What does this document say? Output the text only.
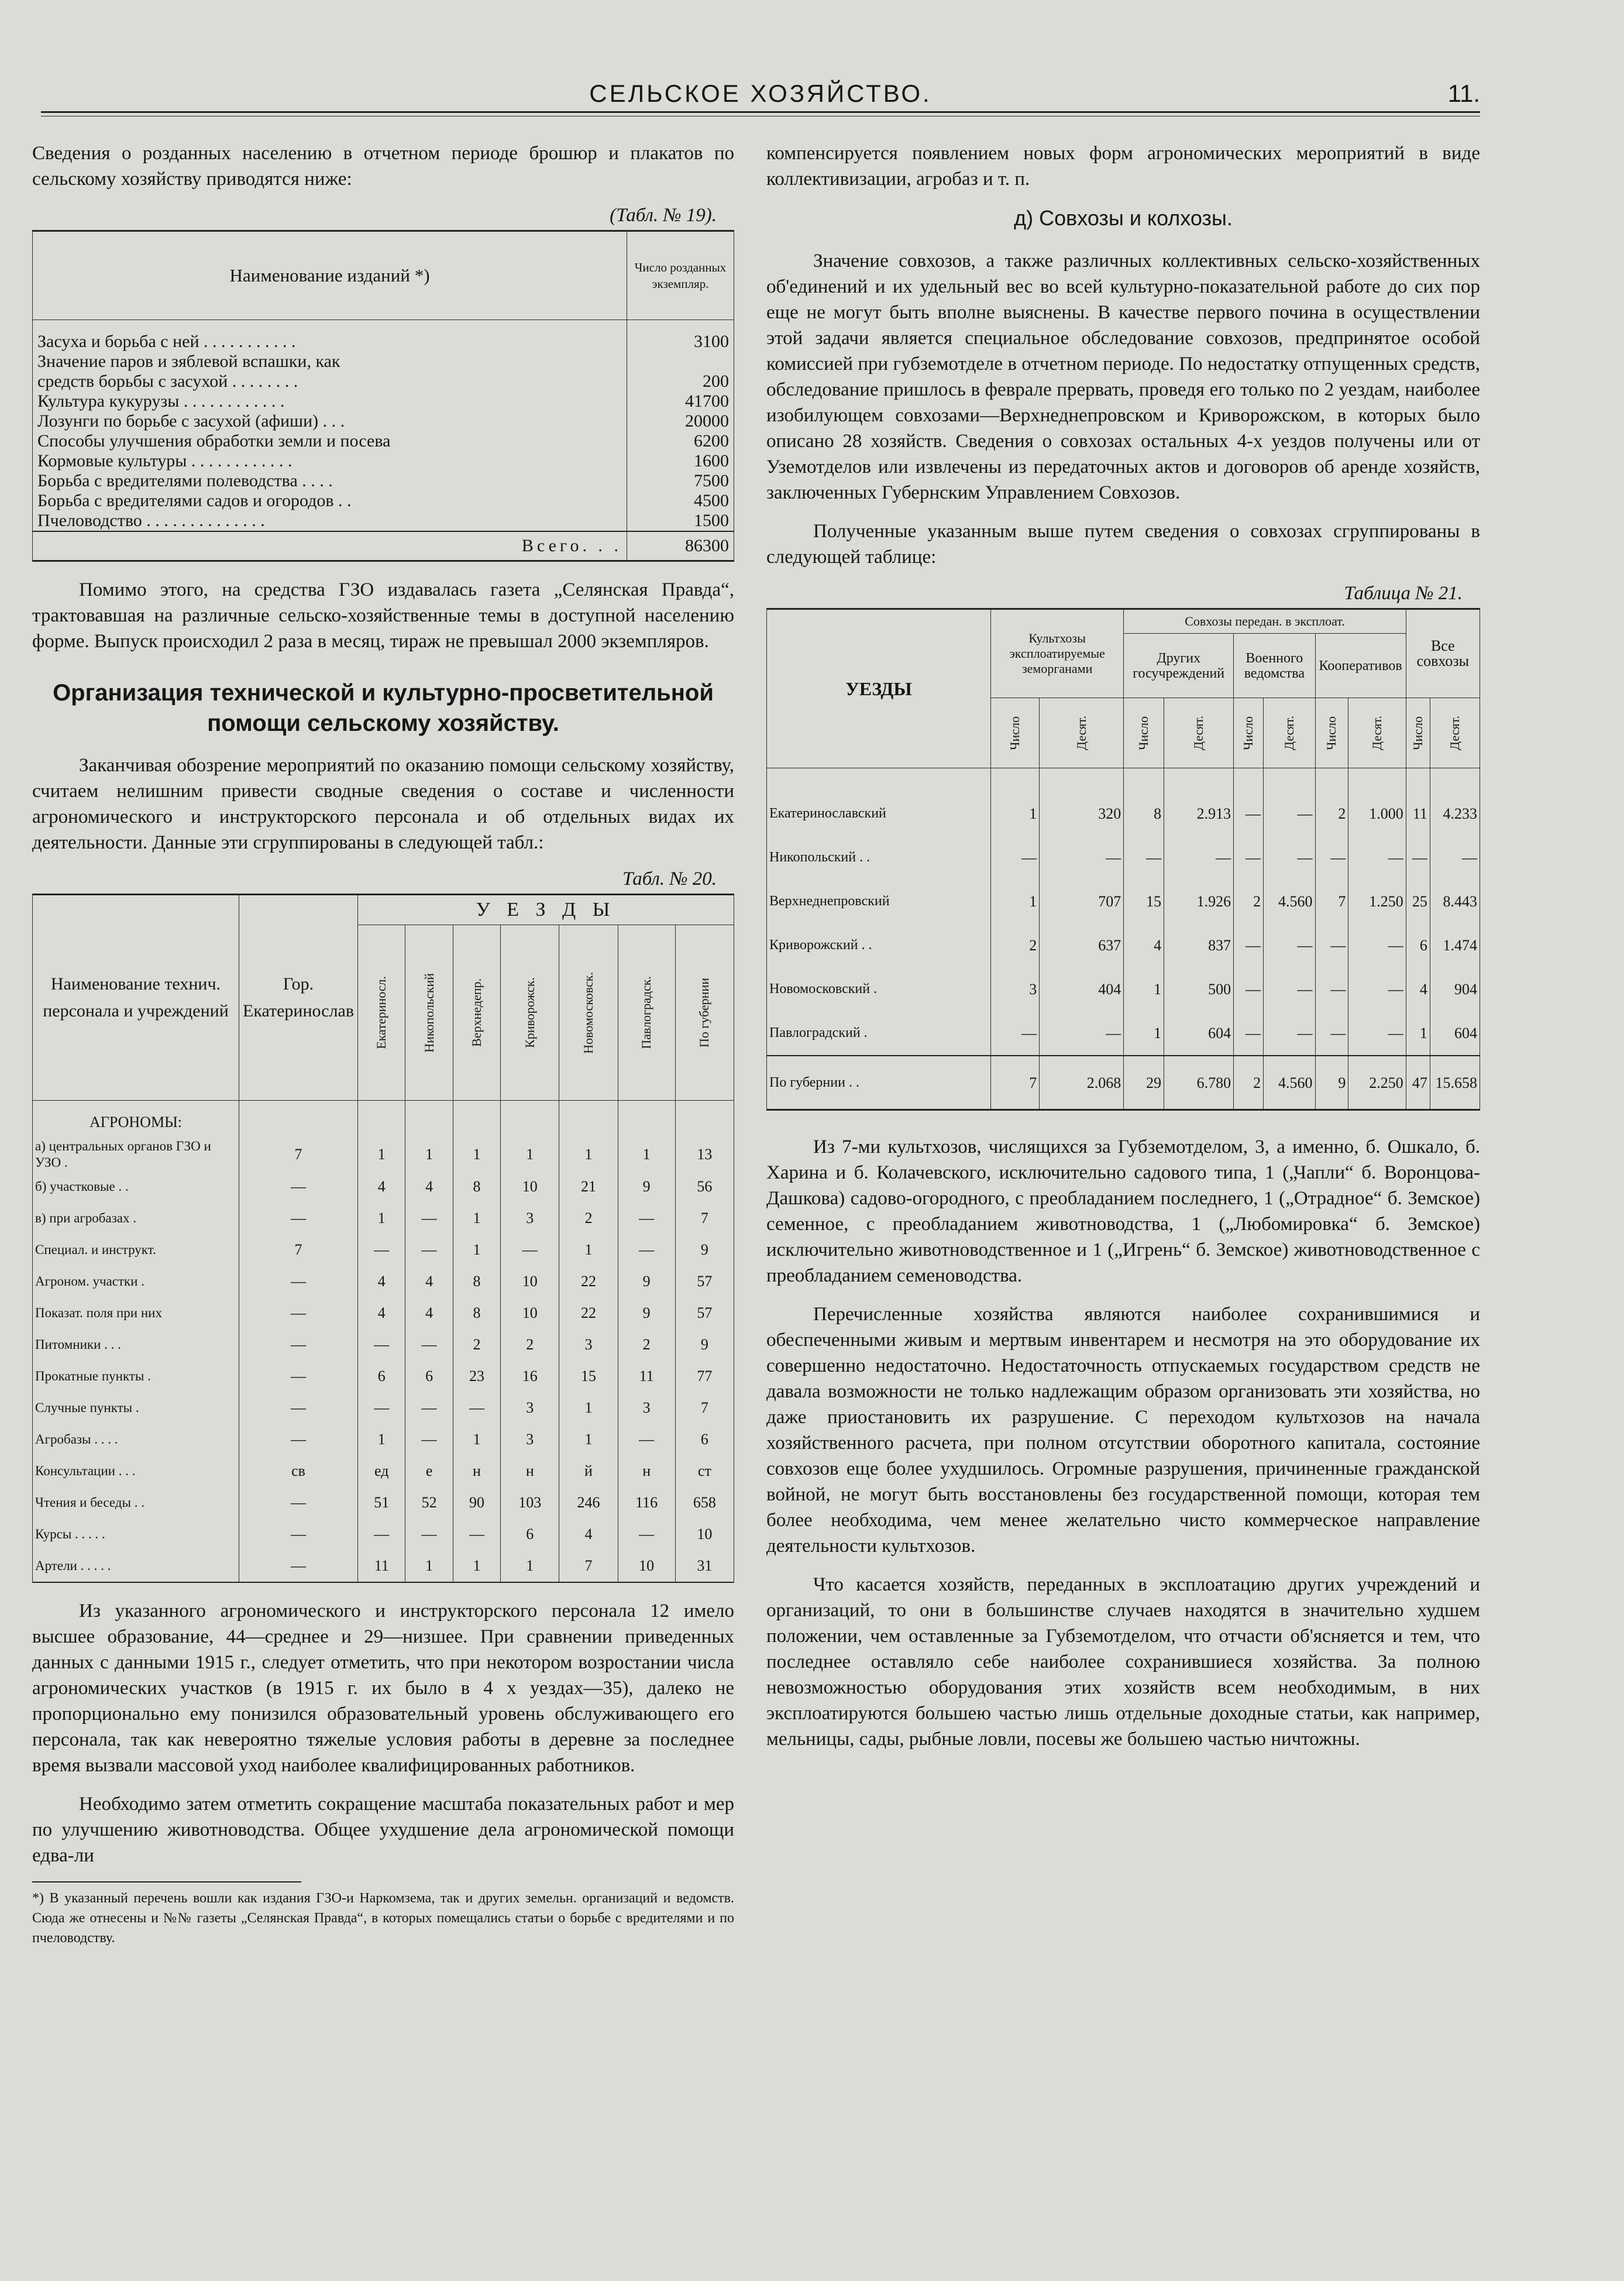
СЕЛЬСКОЕ ХОЗЯЙСТВО.	11.

Сведения о розданных населению в отчетном периоде брошюр и плакатов по сельскому хозяйству приводятся ниже:

(Табл. № 19).
Наименование изданий *)	Число розданных экземпляр.
Засуха и борьба с ней . . . . . . . . . . .	3100
Значение паров и зяблевой вспашки, как	
средств борьбы с засухой . . . . . . . .	200
Культура кукурузы . . . . . . . . . . . .	41700
Лозунги по борьбе с засухой (афиши) . . .	20000
Способы улучшения обработки земли и посева	6200
Кормовые культуры . . . . . . . . . . . .	1600
Борьба с вредителями полеводства . . . .	7500
Борьба с вредителями садов и огородов . .	4500
Пчеловодство . . . . . . . . . . . . . .	1500
Всего. . .	86300

Помимо этого, на средства ГЗО издавалась газета „Селянская Правда“, трактовавшая на различные сельско-хозяйственные темы в доступной населению форме. Выпуск происходил 2 раза в месяц, тираж не превышал 2000 экземпляров.

Организация технической и культурно-просветительной помощи сельскому хозяйству.

Заканчивая обозрение мероприятий по оказанию помощи сельскому хозяйству, считаем нелишним привести сводные сведения о составе и численности агрономического и инструкторского персонала и об отдельных видах их деятельности. Данные эти сгруппированы в следующей табл.:

Табл. № 20.
Наименование технич. персонала и учреждений	Гор. Екатеринослав	У Е З Д Ы						

		Екатериносл.	Никопольский	Верхнедепр.	Криворожск.	Новомосковск.	Павлоградск.	По губернии

АГРОНОМЫ:								
а) центральных органов ГЗО и УЗО .	7	1	1	1	1	1	1	13
б) участковые . .	—	4	4	8	10	21	9	56
в) при агробазах .	—	1	—	1	3	2	—	7
Специал. и инструкт.	7	—	—	1	—	1	—	9
Агроном. участки .	—	4	4	8	10	22	9	57
Показат. поля при них	—	4	4	8	10	22	9	57
Питомники . . .	—	—	—	2	2	3	2	9
Прокатные пункты .	—	6	6	23	16	15	11	77
Случные пункты .	—	—	—	—	3	1	3	7
Агробазы . . . .	—	1	—	1	3	1	—	6
Консультации . . .	св	ед	е	н	н	й	н	ст
Чтения и беседы . .	—	51	52	90	103	246	116	658
Курсы . . . . .	—	—	—	—	6	4	—	10
Артели . . . . .	—	11	1	1	1	7	10	31

Из указанного агрономического и инструкторского персонала 12 имело высшее образование, 44—среднее и 29—низшее. При сравнении приведенных данных с данными 1915 г., следует отметить, что при некотором возростании числа агрономических участков (в 1915 г. их было в 4 х уездах—35), далеко не пропорционально ему понизился образовательный уровень обслуживающего его персонала, так как невероятно тяжелые условия работы в деревне за последнее время вызвали массовой уход наиболее квалифицированных работников.

Необходимо затем отметить сокращение масштаба показательных работ и мер по улучшению животноводства. Общее ухудшение дела агрономической помощи едва-ли

*) В указанный перечень вошли как издания ГЗО-и Наркомзема, так и других земельн. организаций и ведомств. Сюда же отнесены и №№ газеты „Селянская Правда“, в которых помещались статьи о борьбе с вредителями и по пчеловодству.

компенсируется появлением новых форм агрономических мероприятий в виде коллективизации, агробаз и т. п.

д) Совхозы и колхозы.

Значение совхозов, а также различных коллективных сельско-хозяйственных об'единений и их удельный вес во всей культурно-показательной работе до сих пор еще не могут быть вполне выяснены. В качестве первого почина в осуществлении этой задачи является специальное обследование совхозов, предпринятое особой комиссией при губземотделе в отчетном периоде. По недостатку отпущенных средств, обследование пришлось в феврале прервать, проведя его только по 2 уездам, наиболее изобилующем совхозами—Верхнеднепровском и Криворожском, в которых было описано 28 хозяйств. Сведения о совхозах остальных 4-х уездов получены или от Уземотделов или извлечены из передаточных актов и договоров об аренде хозяйств, заключенных Губернским Управлением Совхозов.

Полученные указанным выше путем сведения о совхозах сгруппированы в следующей таблице:

Таблица № 21.
УЕЗДЫ	Культхозы эксплоатируемые земорганами		Совхозы передан. в эксплоат.						Все совхозы	
			Других госучреждений		Военного ведомства		Кооперативов			

	Число	Десят.	Число	Десят.	Число	Десят.	Число	Десят.	Число	Десят.

Екатеринославский	1	320	8	2.913	—	—	2	1.000	11	4.233
Никопольский . .	—	—	—	—	—	—	—	—	—	—
Верхнеднепровский	1	707	15	1.926	2	4.560	7	1.250	25	8.443
Криворожский . .	2	637	4	837	—	—	—	—	6	1.474
Новомосковский .	3	404	1	500	—	—	—	—	4	904
Павлоградский .	—	—	1	604	—	—	—	—	1	604
По губернии . .	7	2.068	29	6.780	2	4.560	9	2.250	47	15.658

Из 7-ми культхозов, числящихся за Губземотделом, 3, а именно, б. Ошкало, б. Харина и б. Колачевского, исключительно садового типа, 1 („Чапли“ б. Воронцова-Дашкова) садово-огородного, с преобладанием последнего, 1 („Отрадное“ б. Земское) семенное, с преобладанием животноводства, 1 („Любомировка“ б. Земское) исключительно животноводственное и 1 („Игрень“ б. Земское) животноводственное с преобладанием семеноводства.

Перечисленные хозяйства являются наиболее сохранившимися и обеспеченными живым и мертвым инвентарем и несмотря на это оборудование их совершенно недостаточно. Недостаточность отпускаемых государством средств не давала возможности не только надлежащим образом организовать эти хозяйства, но даже приостановить их разрушение. С переходом культхозов на начала хозяйственного расчета, при полном отсутствии оборотного капитала, состояние совхозов еще более ухудшилось. Огромные разрушения, причиненные гражданской войной, не могут быть восстановлены без государственной помощи, которая тем более необходима, чем менее желательно чисто коммерческое направление деятельности культхозов.

Что касается хозяйств, переданных в эксплоатацию других учреждений и организаций, то они в большинстве случаев находятся в значительно худшем положении, чем оставленные за Губземотделом, что отчасти об'ясняется и тем, что последнее оставляло себе наиболее сохранившиеся хозяйства. За полною невозможностью оборудования этих хозяйств всем необходимым, в них эксплоатируются большею частью лишь отдельные доходные статьи, как например, мельницы, сады, рыбные ловли, посевы же большею частью ничтожны.
